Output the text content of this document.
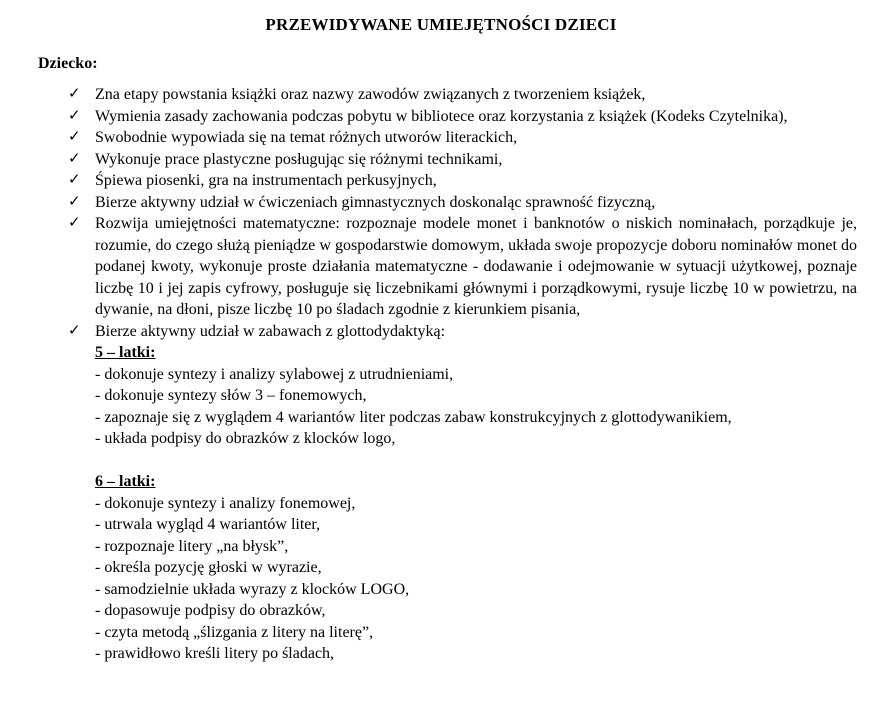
PRZEWIDYWANE UMIEJĘTNOŚCI DZIECI
Dziecko:
✓ Zna etapy powstania książki oraz nazwy zawodów związanych z tworzeniem książek,
✓ Wymienia zasady zachowania podczas pobytu w bibliotece oraz korzystania z książek (Kodeks Czytelnika),
✓ Swobodnie wypowiada się na temat różnych utworów literackich,
✓ Wykonuje prace plastyczne posługując się różnymi technikami,
✓ Śpiewa piosenki, gra na instrumentach perkusyjnych,
✓ Bierze aktywny udział w ćwiczeniach gimnastycznych doskonaląc sprawność fizyczną,
✓ Rozwija umiejętności matematyczne: rozpoznaje modele monet i banknotów o niskich nominałach, porządkuje je, rozumie, do czego służą pieniądze w gospodarstwie domowym, układa swoje propozycje doboru nominałów monet do podanej kwoty, wykonuje proste działania matematyczne - dodawanie i odejmowanie w sytuacji użytkowej, poznaje liczbę 10 i jej zapis cyfrowy, posługuje się liczebnikami głównymi i porządkowymi, rysuje liczbę 10 w powietrzu, na dywanie, na dłoni, pisze liczbę 10 po śladach zgodnie z kierunkiem pisania,
✓ Bierze aktywny udział w zabawach z glottodydaktyką:
5 – latki:
- dokonuje syntezy i analizy sylabowej z utrudnieniami,
- dokonuje syntezy słów 3 – fonemowych,
- zapoznaje się z wyglądem 4 wariantów liter podczas zabaw konstrukcyjnych z glottodywanikiem,
- układa podpisy do obrazków z klocków logo,
6 – latki:
- dokonuje syntezy i analizy fonemowej,
- utrwala wygląd 4 wariantów liter,
- rozpoznaje litery „na błysk”,
- określa pozycję głoski w wyrazie,
- samodzielnie układa wyrazy z klocków LOGO,
- dopasowuje podpisy do obrazków,
- czyta metodą „ślizgania z litery na literę”,
- prawidłowo kreśli litery po śladach,
